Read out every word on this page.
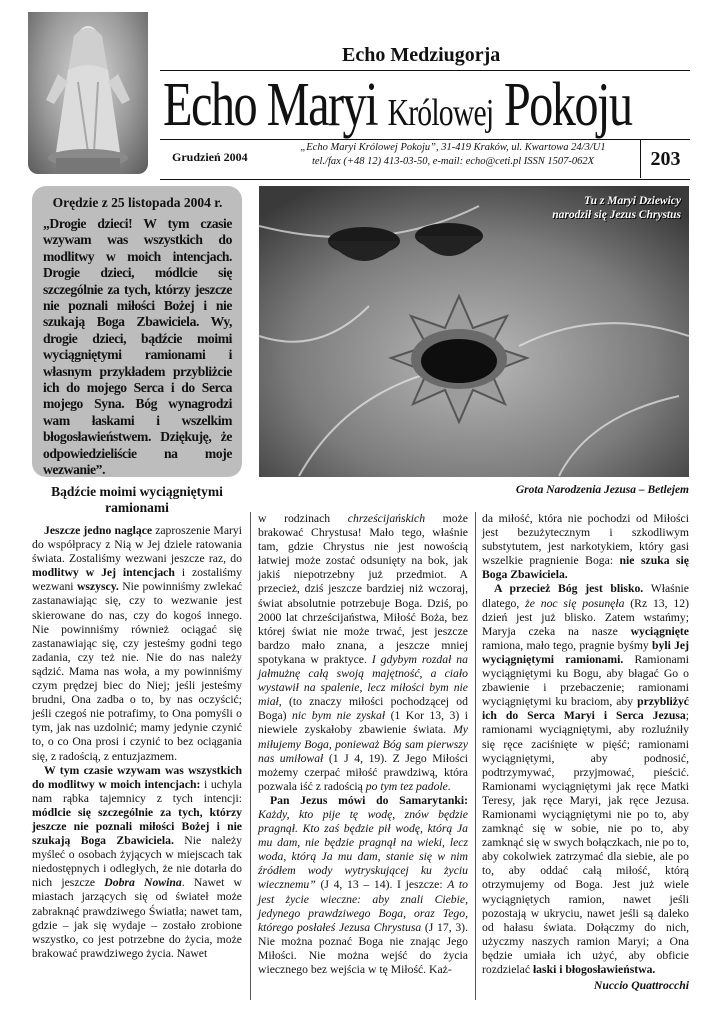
Echo Medziugorja
Echo Maryi Królowej Pokoju
Grudzień 2004
„Echo Maryi Królowej Pokoju”, 31-419 Kraków, ul. Kwartowa 24/3/U1
tel./fax (+48 12) 413-03-50, e-mail: echo@ceti.pl ISSN 1507-062X	203
Orędzie z 25 listopada 2004 r.
„Drogie dzieci! W tym czasie wzywam was wszystkich do modlitwy w moich intencjach. Drogie dzieci, módlcie się szczególnie za tych, którzy jeszcze nie poznali miłości Bożej i nie szukają Boga Zbawiciela. Wy, drogie dzieci, bądźcie moimi wyciągniętymi ramionami i własnym przykładem przybliżcie ich do mojego Serca i do Serca mojego Syna. Bóg wynagrodzi wam łaskami i wszelkim błogosławieństwem. Dziękuję, że odpowiedzieliście na moje wezwanie”.
Tu z Maryi Dziewicy
narodził się Jezus Chrystus
Grota Narodzenia Jezusa – Betlejem
Bądźcie moimi wyciągniętymi ramionami

Jeszcze jedno naglące zaproszenie Maryi do współpracy z Nią w Jej dziele ratowania świata. Zostaliśmy wezwani jeszcze raz, do modlitwy w Jej intencjach i zostaliśmy wezwani wszyscy. Nie powinniśmy zwlekać zastanawiając się, czy to wezwanie jest skierowane do nas, czy do kogoś innego. Nie powinniśmy również ociągać się zastanawiając się, czy jesteśmy godni tego zadania, czy też nie. Nie do nas należy sądzić. Mama nas woła, a my powinniśmy czym prędzej biec do Niej; jeśli jesteśmy brudni, Ona zadba o to, by nas oczyścić; jeśli czegoś nie potrafimy, to Ona pomyśli o tym, jak nas uzdolnić; mamy jedynie czynić to, o co Ona prosi i czynić to bez ociągania się, z radością, z entuzjazmem.

W tym czasie wzywam was wszystkich do modlitwy w moich intencjach: i uchyla nam rąbka tajemnicy z tych intencji: módlcie się szczególnie za tych, którzy jeszcze nie poznali miłości Bożej i nie szukają Boga Zbawiciela. Nie należy myśleć o osobach żyjących w miejscach tak niedostępnych i odległych, że nie dotarła do nich jeszcze Dobra Nowina. Nawet w miastach jarzących się od świateł może zabraknąć prawdziwego Światła; nawet tam, gdzie – jak się wydaje – zostało zrobione wszystko, co jest potrzebne do życia, może brakować prawdziwego życia. Nawet

w rodzinach chrześcijańskich może brakować Chrystusa! Mało tego, właśnie tam, gdzie Chrystus nie jest nowością łatwiej może zostać odsunięty na bok, jak jakiś niepotrzebny już przedmiot. A przecież, dziś jeszcze bardziej niż wczoraj, świat absolutnie potrzebuje Boga. Dziś, po 2000 lat chrześcijaństwa, Miłość Boża, bez której świat nie może trwać, jest jeszcze bardzo mało znana, a jeszcze mniej spotykana w praktyce. I gdybym rozdał na jałmużnę całą swoją majętność, a ciało wystawił na spalenie, lecz miłości bym nie miał, (to znaczy miłości pochodzącej od Boga) nic bym nie zyskał (1 Kor 13, 3) i niewiele zyskałoby zbawienie świata. My miłujemy Boga, ponieważ Bóg sam pierwszy nas umiłował (1 J 4, 19). Z Jego Miłości możemy czerpać miłość prawdziwą, która pozwala iść z radością po tym tez padole.

Pan Jezus mówi do Samarytanki: Każdy, kto pije tę wodę, znów będzie pragnął. Kto zaś będzie pił wodę, którą Ja mu dam, nie będzie pragnął na wieki, lecz woda, którą Ja mu dam, stanie się w nim źródłem wody wytryskującej ku życiu wiecznemu” (J 4, 13 – 14). I jeszcze: A to jest życie wieczne: aby znali Ciebie, jedynego prawdziwego Boga, oraz Tego, którego posłałeś Jezusa Chrystusa (J 17, 3). Nie można poznać Boga nie znając Jego Miłości. Nie można wejść do życia wiecznego bez wejścia w tę Miłość. Każ-

da miłość, która nie pochodzi od Miłości jest bezużytecznym i szkodliwym substytutem, jest narkotykiem, który gasi wszelkie pragnienie Boga: nie szuka się Boga Zbawiciela.

A przecież Bóg jest blisko. Właśnie dlatego, że noc się posunęła (Rz 13, 12) dzień jest już blisko. Zatem wstańmy; Maryja czeka na nasze wyciągnięte ramiona, mało tego, pragnie byśmy byli Jej wyciągniętymi ramionami. Ramionami wyciągniętymi ku Bogu, aby błagać Go o zbawienie i przebaczenie; ramionami wyciągniętymi ku braciom, aby przybliżyć ich do Serca Maryi i Serca Jezusa; ramionami wyciągniętymi, aby rozluźniły się ręce zaciśnięte w pięść; ramionami wyciągniętymi, aby podnosić, podtrzymywać, przyjmować, pieścić. Ramionami wyciągniętymi jak ręce Matki Teresy, jak ręce Maryi, jak ręce Jezusa. Ramionami wyciągniętymi nie po to, aby zamknąć się w sobie, nie po to, aby zamknąć się w swych bołączkach, nie po to, aby cokolwiek zatrzymać dla siebie, ale po to, aby oddać całą miłość, którą otrzymujemy od Boga. Jest już wiele wyciągniętych ramion, nawet jeśli pozostają w ukryciu, nawet jeśli są daleko od hałasu świata. Dołączmy do nich, użyczmy naszych ramion Maryi; a Ona będzie umiała ich użyć, aby obficie rozdzielać łaski i błogosławieństwa.

Nuccio Quattrocchi
